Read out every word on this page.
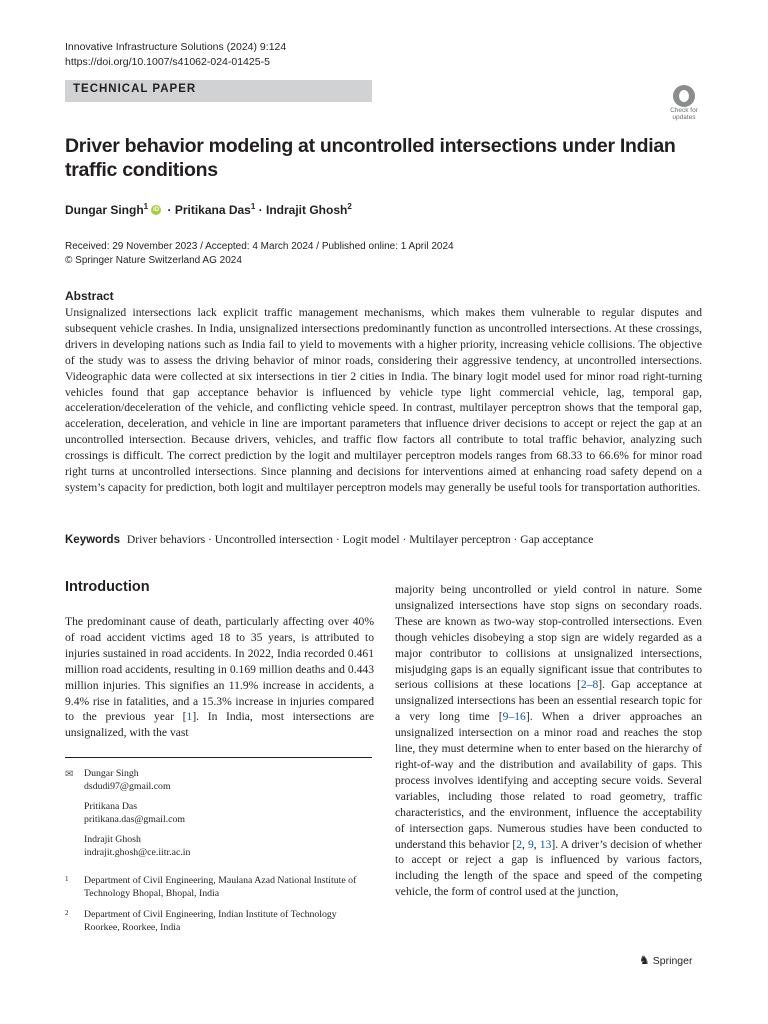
Innovative Infrastructure Solutions (2024) 9:124
https://doi.org/10.1007/s41062-024-01425-5
TECHNICAL PAPER
Check for
updates
Driver behavior modeling at uncontrolled intersections under Indian traffic conditions
Dungar Singh$^1$ iD · Pritikana Das$^1$ · Indrajit Ghosh$^2$
Received: 29 November 2023 / Accepted: 4 March 2024 / Published online: 1 April 2024
© Springer Nature Switzerland AG 2024
Abstract
Unsignalized intersections lack explicit traffic management mechanisms, which makes them vulnerable to regular disputes and subsequent vehicle crashes. In India, unsignalized intersections predominantly function as uncontrolled intersections. At these crossings, drivers in developing nations such as India fail to yield to movements with a higher priority, increasing vehicle collisions. The objective of the study was to assess the driving behavior of minor roads, considering their aggressive tendency, at uncontrolled intersections. Videographic data were collected at six intersections in tier 2 cities in India. The binary logit model used for minor road right-turning vehicles found that gap acceptance behavior is influenced by vehicle type light commercial vehicle, lag, temporal gap, acceleration/deceleration of the vehicle, and conflicting vehicle speed. In contrast, multilayer perceptron shows that the temporal gap, acceleration, deceleration, and vehicle in line are important parameters that influence driver decisions to accept or reject the gap at an uncontrolled intersection. Because drivers, vehicles, and traffic flow factors all contribute to total traffic behavior, analyzing such crossings is difficult. The correct prediction by the logit and multilayer perceptron models ranges from 68.33 to 66.6% for minor road right turns at uncontrolled intersections. Since planning and decisions for interventions aimed at enhancing road safety depend on a system’s capacity for prediction, both logit and multilayer perceptron models may generally be useful tools for transportation authorities.
Keywords Driver behaviors · Uncontrolled intersection · Logit model · Multilayer perceptron · Gap acceptance
Introduction
The predominant cause of death, particularly affecting over 40% of road accident victims aged 18 to 35 years, is attributed to injuries sustained in road accidents. In 2022, India recorded 0.461 million road accidents, resulting in 0.169 million deaths and 0.443 million injuries. This signifies an 11.9% increase in accidents, a 9.4% rise in fatalities, and a 15.3% increase in injuries compared to the previous year [1]. In India, most intersections are unsignalized, with the vast
majority being uncontrolled or yield control in nature. Some unsignalized intersections have stop signs on secondary roads. These are known as two-way stop-controlled intersections. Even though vehicles disobeying a stop sign are widely regarded as a major contributor to collisions at unsignalized intersections, misjudging gaps is an equally significant issue that contributes to serious collisions at these locations [2–8]. Gap acceptance at unsignalized intersections has been an essential research topic for a very long time [9–16]. When a driver approaches an unsignalized intersection on a minor road and reaches the stop line, they must determine when to enter based on the hierarchy of right-of-way and the distribution and availability of gaps. This process involves identifying and accepting secure voids. Several variables, including those related to road geometry, traffic characteristics, and the environment, influence the acceptability of intersection gaps. Numerous studies have been conducted to understand this behavior [2, 9, 13]. A driver’s decision of whether to accept or reject a gap is influenced by various factors, including the length of the space and speed of the competing vehicle, the form of control used at the junction,
✉ Dungar Singh
dsdudi97@gmail.com
Pritikana Das
pritikana.das@gmail.com
Indrajit Ghosh
indrajit.ghosh@ce.iitr.ac.in
1 Department of Civil Engineering, Maulana Azad National Institute of Technology Bhopal, Bhopal, India
2 Department of Civil Engineering, Indian Institute of Technology Roorkee, Roorkee, India
♞ Springer
